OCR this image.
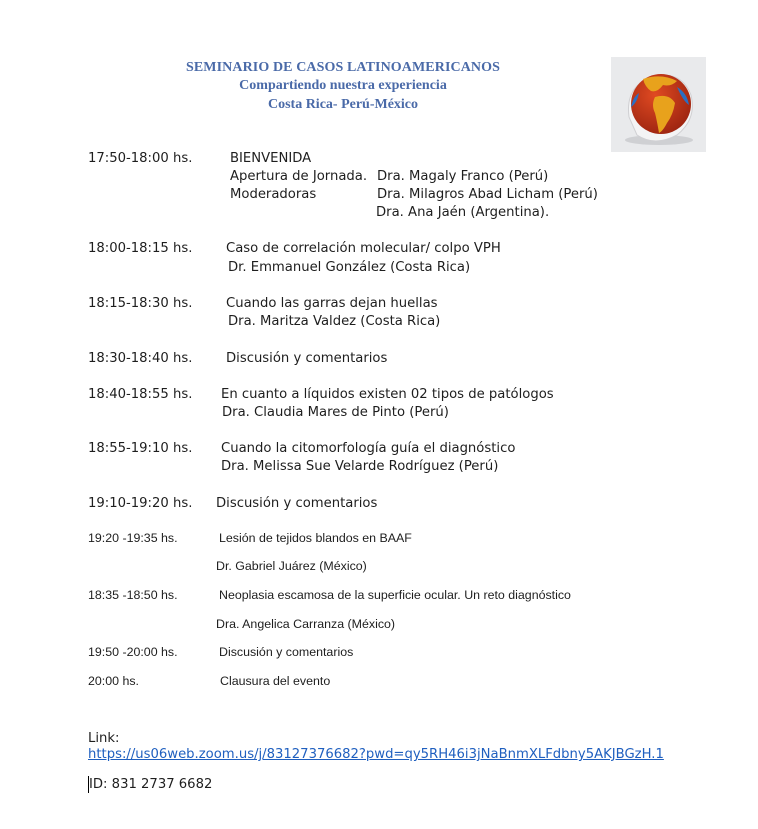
SEMINARIO DE CASOS LATINOAMERICANOS
Compartiendo nuestra experiencia
Costa Rica- Perú-México
17:50-18:00 hs.	BIENVENIDA
Apertura de Jornada. Dra. Magaly Franco (Perú)
Moderadoras	Dra. Milagros Abad Licham (Perú)
Dra. Ana Jaén (Argentina).
18:00-18:15 hs.	Caso de correlación molecular/ colpo VPH
Dr. Emmanuel González (Costa Rica)
18:15-18:30 hs.	Cuando las garras dejan huellas
Dra. Maritza Valdez (Costa Rica)
18:30-18:40 hs.	Discusión y comentarios
18:40-18:55 hs. En cuanto a líquidos existen 02 tipos de patólogos
Dra. Claudia Mares de Pinto (Perú)
18:55-19:10 hs. Cuando la citomorfología guía el diagnóstico
Dra. Melissa Sue Velarde Rodríguez (Perú)
19:10-19:20 hs. Discusión y comentarios
19:20 -19:35 hs.	Lesión de tejidos blandos en BAAF
Dr. Gabriel Juárez (México)
18:35 -18:50 hs.	Neoplasia escamosa de la superficie ocular. Un reto diagnóstico
Dra. Angelica Carranza (México)
19:50 -20:00 hs.	Discusión y comentarios
20:00 hs.	Clausura del evento
Link:
https://us06web.zoom.us/j/83127376682?pwd=qy5RH46i3jNaBnmXLFdbny5AKJBGzH.1
ID: 831 2737 6682
